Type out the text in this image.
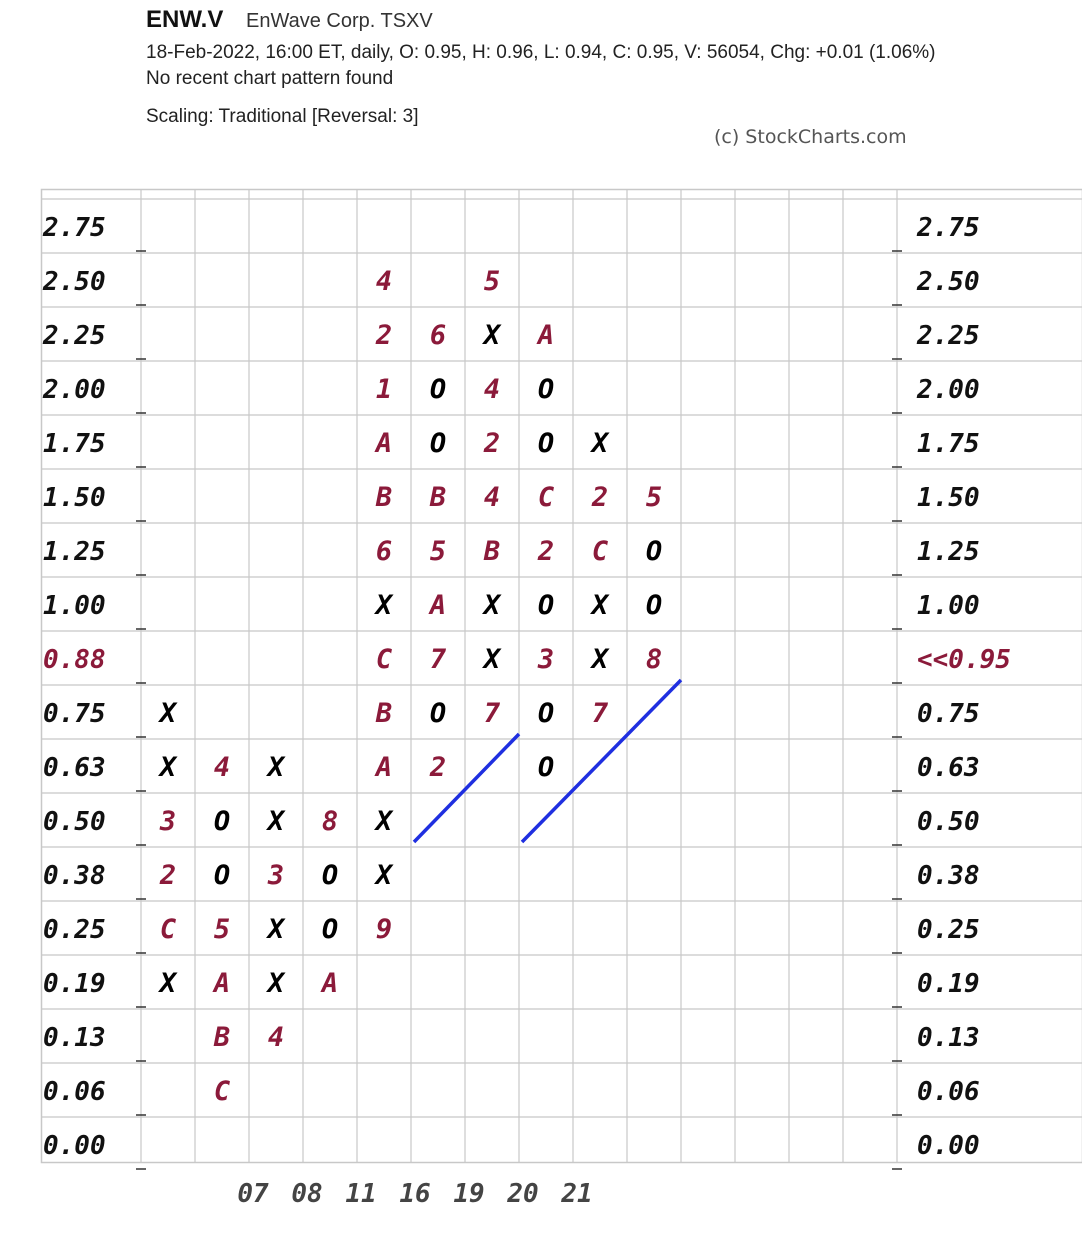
ENW.V EnWave Corp. TSXV
18-Feb-2022, 16:00 ET, daily, O: 0.95, H: 0.96, L: 0.94, C: 0.95, V: 56054, Chg: +0.01 (1.06%)
No recent chart pattern found
Scaling: Traditional [Reversal: 3]
(c) StockCharts.com
2.75
2.50
2.25
2.00
1.75
1.50
1.25
1.00
0.88
0.75
0.63
0.50
0.38
0.25
0.19
0.13
0.06
0.00
2.75
2.50
2.25
2.00
1.75
1.50
1.25
1.00
<<0.95
0.75
0.63
0.50
0.38
0.25
0.19
0.13
0.06
0.00
X
X
3
2
C
X
4
O
O
5
A
B
C
X
X
3
X
X
4
8
O
O
A
4
2
1
A
B
6
X
C
B
A
X
X
9
6
O
O
B
5
A
7
O
2
5
X
4
2
4
B
X
X
7
A
O
O
C
2
O
3
O
O
X
2
C
X
X
7
5
O
O
8
07 08 11 16 19 20 21
